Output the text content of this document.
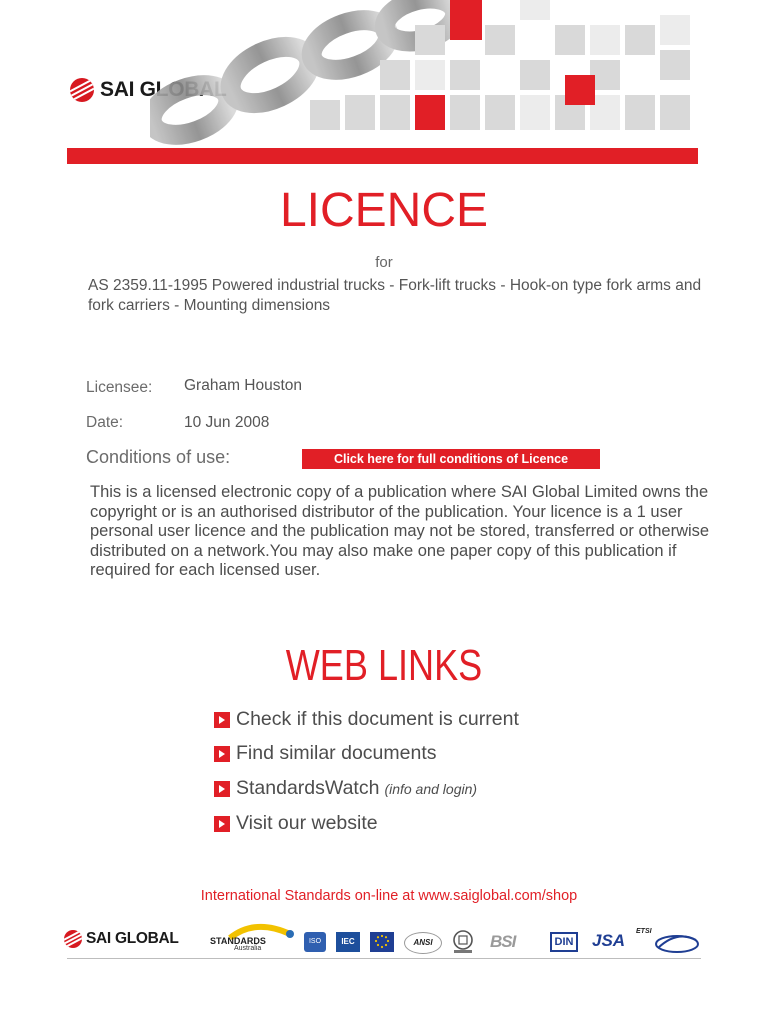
SAI GLOBAL
LICENCE
for
AS 2359.11-1995 Powered industrial trucks - Fork-lift trucks - Hook-on type fork arms and fork carriers - Mounting dimensions
Licensee: Graham Houston
Date:	10 Jun 2008
Conditions of use:	Click here for full conditions of Licence
This is a licensed electronic copy of a publication where SAI Global Limited owns the copyright or is an authorised distributor of the publication. Your licence is a 1 user personal user licence and the publication may not be stored, transferred or otherwise distributed on a network.You may also make one paper copy of this publication if required for each licensed user.
WEB LINKS
Check if this document is current
Find similar documents
StandardsWatch (info and login)
Visit our website
International Standards on-line at www.saiglobal.com/shop
SAI GLOBAL	STANDARDS
Australia
ISO	IEC	ANSI	BSI	DIN JSA ETSI
